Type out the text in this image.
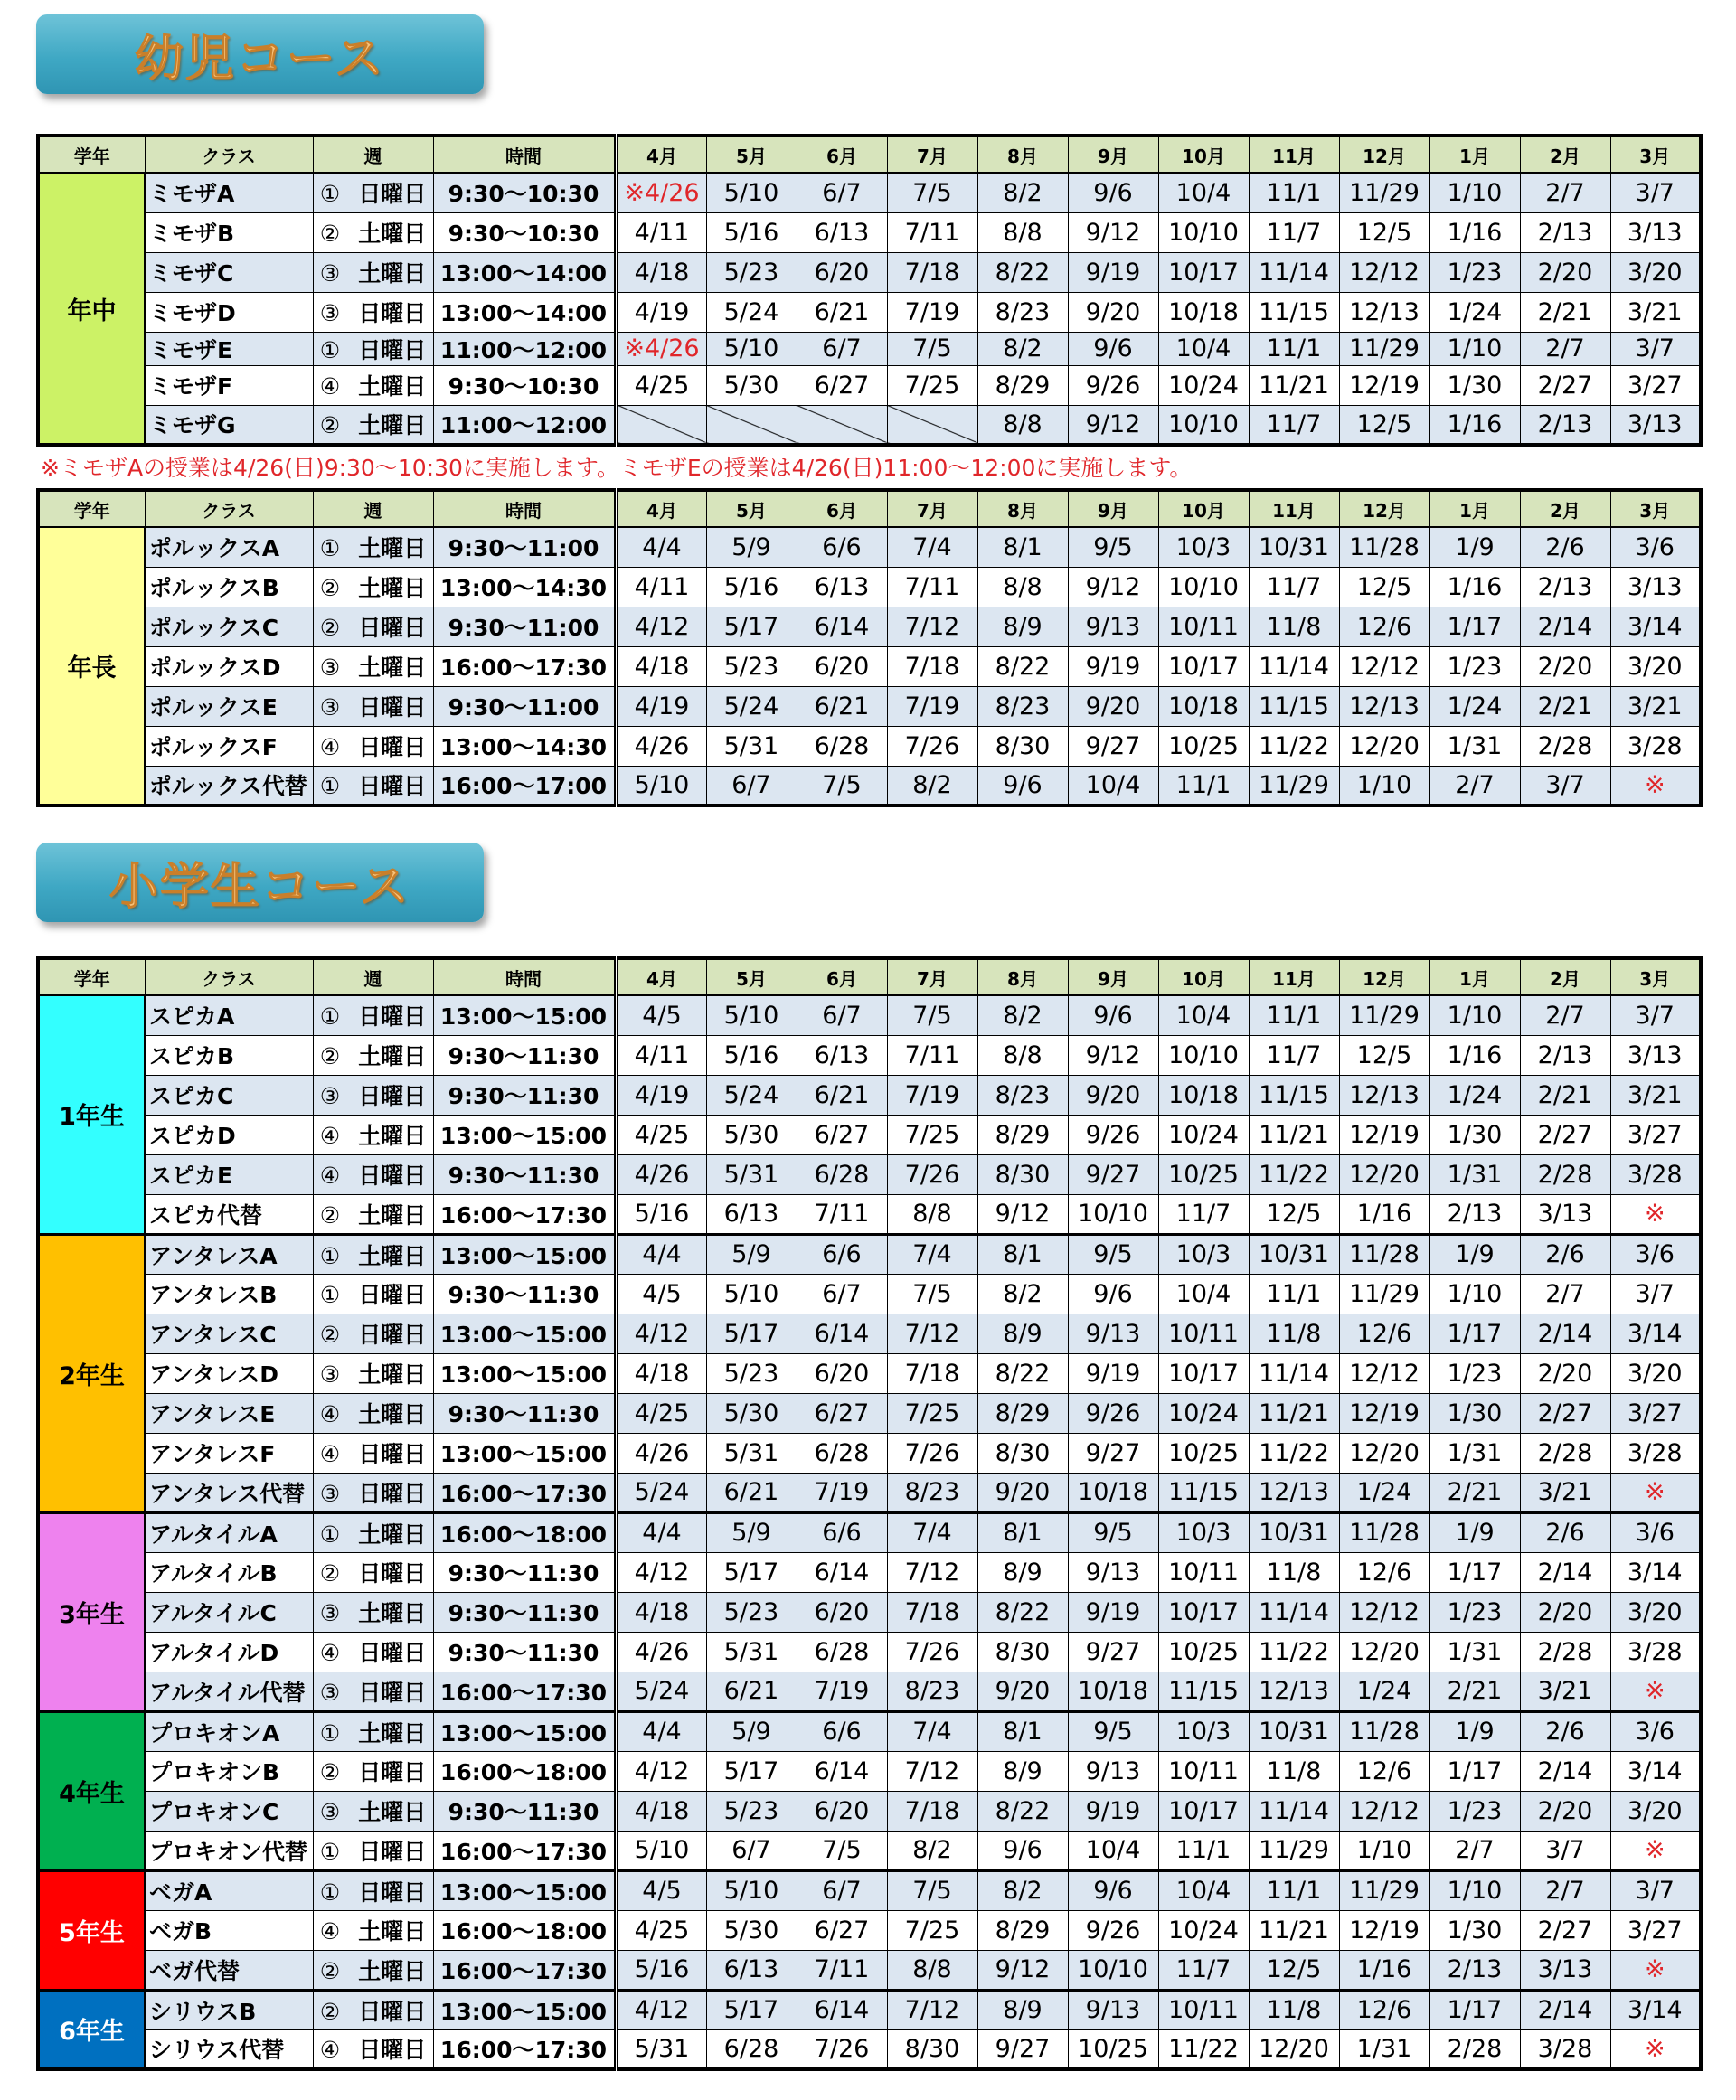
幼児コース
小学生コース
学年	クラス	週	時間	4月	5月	6月	7月	8月	9月	10月	11月	12月	1月	2月	3月
年中	ミモザA	① 日曜日	9:30～10:30	※4/26	5/10	6/7	7/5	8/2	9/6	10/4	11/1	11/29	1/10	2/7	3/7
	ミモザB	② 土曜日	9:30～10:30	4/11	5/16	6/13	7/11	8/8	9/12	10/10	11/7	12/5	1/16	2/13	3/13
	ミモザC	③ 土曜日	13:00～14:00	4/18	5/23	6/20	7/18	8/22	9/19	10/17	11/14	12/12	1/23	2/20	3/20
	ミモザD	③ 日曜日	13:00～14:00	4/19	5/24	6/21	7/19	8/23	9/20	10/18	11/15	12/13	1/24	2/21	3/21
	ミモザE	① 日曜日	11:00～12:00	※4/26	5/10	6/7	7/5	8/2	9/6	10/4	11/1	11/29	1/10	2/7	3/7
	ミモザF	④ 土曜日	9:30～10:30	4/25	5/30	6/27	7/25	8/29	9/26	10/24	11/21	12/19	1/30	2/27	3/27
	ミモザG	② 土曜日	11:00～12:00					8/8	9/12	10/10	11/7	12/5	1/16	2/13	3/13
※ミモザAの授業は4/26(日)9:30～10:30に実施します。ミモザEの授業は4/26(日)11:00～12:00に実施します。
学年	クラス	週	時間	4月	5月	6月	7月	8月	9月	10月	11月	12月	1月	2月	3月
年長	ポルックスA	① 土曜日	9:30～11:00	4/4	5/9	6/6	7/4	8/1	9/5	10/3	10/31	11/28	1/9	2/6	3/6
	ポルックスB	② 土曜日	13:00～14:30	4/11	5/16	6/13	7/11	8/8	9/12	10/10	11/7	12/5	1/16	2/13	3/13
	ポルックスC	② 日曜日	9:30～11:00	4/12	5/17	6/14	7/12	8/9	9/13	10/11	11/8	12/6	1/17	2/14	3/14
	ポルックスD	③ 土曜日	16:00～17:30	4/18	5/23	6/20	7/18	8/22	9/19	10/17	11/14	12/12	1/23	2/20	3/20
	ポルックスE	③ 日曜日	9:30～11:00	4/19	5/24	6/21	7/19	8/23	9/20	10/18	11/15	12/13	1/24	2/21	3/21
	ポルックスF	④ 日曜日	13:00～14:30	4/26	5/31	6/28	7/26	8/30	9/27	10/25	11/22	12/20	1/31	2/28	3/28
	ポルックス代替	① 日曜日	16:00～17:00	5/10	6/7	7/5	8/2	9/6	10/4	11/1	11/29	1/10	2/7	3/7	※
学年	クラス	週	時間	4月	5月	6月	7月	8月	9月	10月	11月	12月	1月	2月	3月
1年生	スピカA	① 日曜日	13:00～15:00	4/5	5/10	6/7	7/5	8/2	9/6	10/4	11/1	11/29	1/10	2/7	3/7
	スピカB	② 土曜日	9:30～11:30	4/11	5/16	6/13	7/11	8/8	9/12	10/10	11/7	12/5	1/16	2/13	3/13
	スピカC	③ 日曜日	9:30～11:30	4/19	5/24	6/21	7/19	8/23	9/20	10/18	11/15	12/13	1/24	2/21	3/21
	スピカD	④ 土曜日	13:00～15:00	4/25	5/30	6/27	7/25	8/29	9/26	10/24	11/21	12/19	1/30	2/27	3/27
	スピカE	④ 日曜日	9:30～11:30	4/26	5/31	6/28	7/26	8/30	9/27	10/25	11/22	12/20	1/31	2/28	3/28
	スピカ代替	② 土曜日	16:00～17:30	5/16	6/13	7/11	8/8	9/12	10/10	11/7	12/5	1/16	2/13	3/13	※
2年生	アンタレスA	① 土曜日	13:00～15:00	4/4	5/9	6/6	7/4	8/1	9/5	10/3	10/31	11/28	1/9	2/6	3/6
	アンタレスB	① 日曜日	9:30～11:30	4/5	5/10	6/7	7/5	8/2	9/6	10/4	11/1	11/29	1/10	2/7	3/7
	アンタレスC	② 日曜日	13:00～15:00	4/12	5/17	6/14	7/12	8/9	9/13	10/11	11/8	12/6	1/17	2/14	3/14
	アンタレスD	③ 土曜日	13:00～15:00	4/18	5/23	6/20	7/18	8/22	9/19	10/17	11/14	12/12	1/23	2/20	3/20
	アンタレスE	④ 土曜日	9:30～11:30	4/25	5/30	6/27	7/25	8/29	9/26	10/24	11/21	12/19	1/30	2/27	3/27
	アンタレスF	④ 日曜日	13:00～15:00	4/26	5/31	6/28	7/26	8/30	9/27	10/25	11/22	12/20	1/31	2/28	3/28
	アンタレス代替	③ 日曜日	16:00～17:30	5/24	6/21	7/19	8/23	9/20	10/18	11/15	12/13	1/24	2/21	3/21	※
3年生	アルタイルA	① 土曜日	16:00～18:00	4/4	5/9	6/6	7/4	8/1	9/5	10/3	10/31	11/28	1/9	2/6	3/6
	アルタイルB	② 日曜日	9:30～11:30	4/12	5/17	6/14	7/12	8/9	9/13	10/11	11/8	12/6	1/17	2/14	3/14
	アルタイルC	③ 土曜日	9:30～11:30	4/18	5/23	6/20	7/18	8/22	9/19	10/17	11/14	12/12	1/23	2/20	3/20
	アルタイルD	④ 日曜日	9:30～11:30	4/26	5/31	6/28	7/26	8/30	9/27	10/25	11/22	12/20	1/31	2/28	3/28
	アルタイル代替	③ 日曜日	16:00～17:30	5/24	6/21	7/19	8/23	9/20	10/18	11/15	12/13	1/24	2/21	3/21	※
4年生	プロキオンA	① 土曜日	13:00～15:00	4/4	5/9	6/6	7/4	8/1	9/5	10/3	10/31	11/28	1/9	2/6	3/6
	プロキオンB	② 日曜日	16:00～18:00	4/12	5/17	6/14	7/12	8/9	9/13	10/11	11/8	12/6	1/17	2/14	3/14
	プロキオンC	③ 土曜日	9:30～11:30	4/18	5/23	6/20	7/18	8/22	9/19	10/17	11/14	12/12	1/23	2/20	3/20
	プロキオン代替	① 日曜日	16:00～17:30	5/10	6/7	7/5	8/2	9/6	10/4	11/1	11/29	1/10	2/7	3/7	※
5年生	ベガA	① 日曜日	13:00～15:00	4/5	5/10	6/7	7/5	8/2	9/6	10/4	11/1	11/29	1/10	2/7	3/7
	ベガB	④ 土曜日	16:00～18:00	4/25	5/30	6/27	7/25	8/29	9/26	10/24	11/21	12/19	1/30	2/27	3/27
	ベガ代替	② 土曜日	16:00～17:30	5/16	6/13	7/11	8/8	9/12	10/10	11/7	12/5	1/16	2/13	3/13	※
6年生	シリウスB	② 日曜日	13:00～15:00	4/12	5/17	6/14	7/12	8/9	9/13	10/11	11/8	12/6	1/17	2/14	3/14
	シリウス代替	④ 日曜日	16:00～17:30	5/31	6/28	7/26	8/30	9/27	10/25	11/22	12/20	1/31	2/28	3/28	※
